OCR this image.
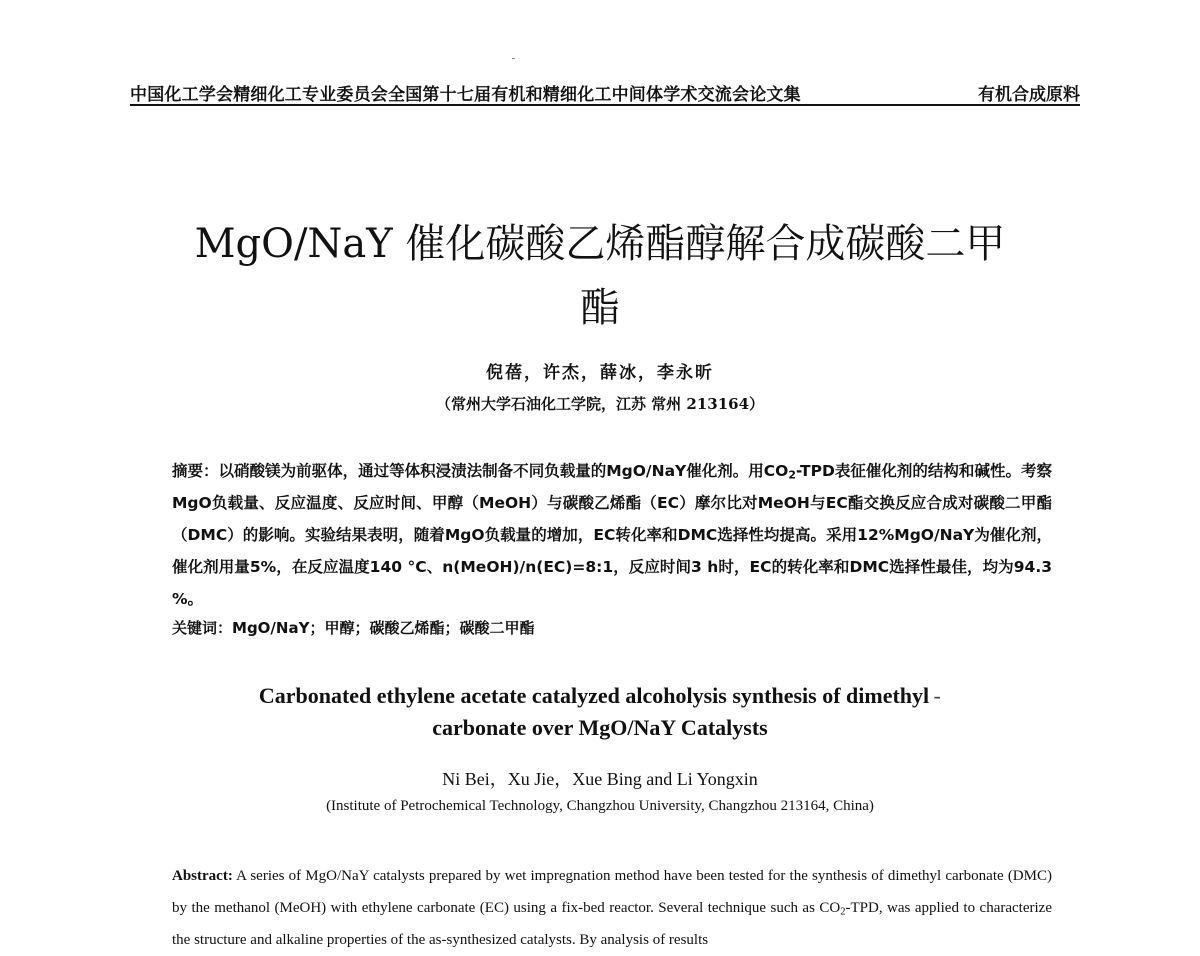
中国化工学会精细化工专业委员会全国第十七届有机和精细化工中间体学术交流会论文集	有机合成原料
MgO/NaY 催化碳酸乙烯酯醇解合成碳酸二甲
酯
倪蓓，许杰，薛冰，李永昕
（常州大学石油化工学院，江苏 常州 213164）
摘要：以硝酸镁为前驱体，通过等体积浸渍法制备不同负载量的MgO/NaY催化剂。用$CO_2$-TPD表征催化剂的结构和碱性。考察MgO负载量、反应温度、反应时间、甲醇（MeOH）与碳酸乙烯酯（EC）摩尔比对MeOH与EC酯交换反应合成对碳酸二甲酯（DMC）的影响。实验结果表明，随着MgO负载量的增加，EC转化率和DMC选择性均提高。采用12%MgO/NaY为催化剂，催化剂用量5%，在反应温度140 °C、n(MeOH)/n(EC)=8:1，反应时间3 h时，EC的转化率和DMC选择性最佳，均为94.3 %。
关键词：MgO/NaY；甲醇；碳酸乙烯酯；碳酸二甲酯
Carbonated ethylene acetate catalyzed alcoholysis synthesis of dimethyl -
carbonate over MgO/NaY Catalysts
Ni Bei，Xu Jie，Xue Bing and Li Yongxin
(Institute of Petrochemical Technology, Changzhou University, Changzhou 213164, China)
Abstract: A series of MgO/NaY catalysts prepared by wet impregnation method have been tested for the synthesis of dimethyl carbonate (DMC) by the methanol (MeOH) with ethylene carbonate (EC) using a fix-bed reactor. Several technique such as $CO_2$-TPD, was applied to characterize the structure and alkaline properties of the as-synthesized catalysts. By analysis of results
